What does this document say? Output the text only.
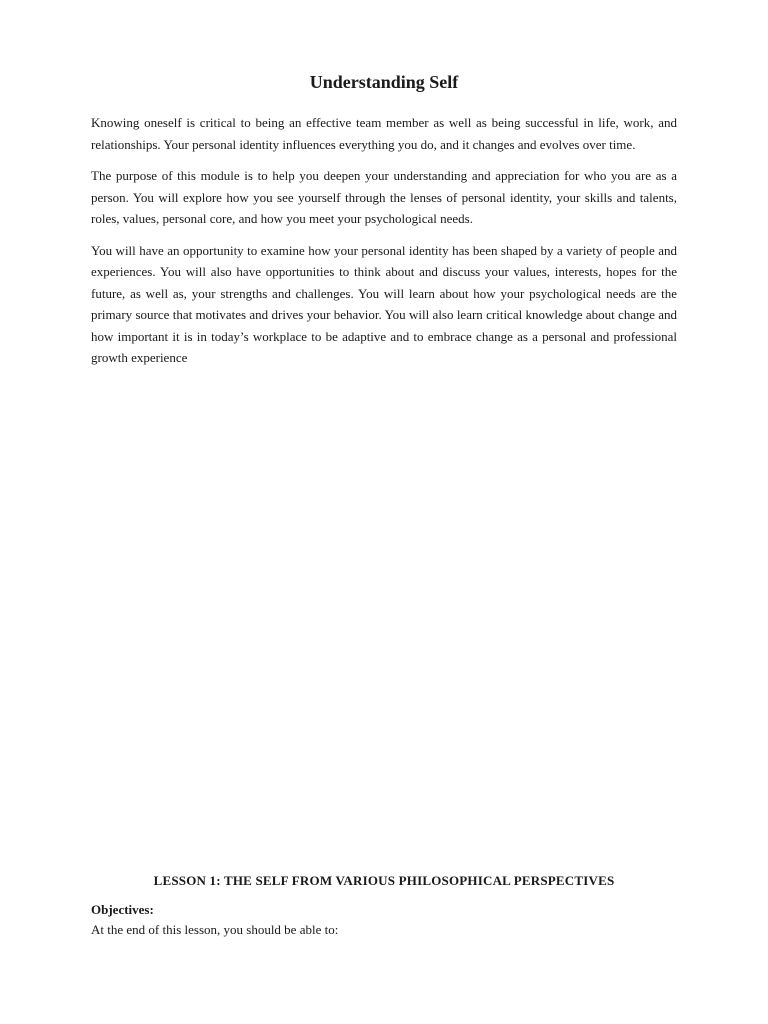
Understanding Self

Knowing oneself is critical to being an effective team member as well as being successful in life, work, and relationships. Your personal identity influences everything you do, and it changes and evolves over time.

The purpose of this module is to help you deepen your understanding and appreciation for who you are as a person. You will explore how you see yourself through the lenses of personal identity, your skills and talents, roles, values, personal core, and how you meet your psychological needs.

You will have an opportunity to examine how your personal identity has been shaped by a variety of people and experiences. You will also have opportunities to think about and discuss your values, interests, hopes for the future, as well as, your strengths and challenges. You will learn about how your psychological needs are the primary source that motivates and drives your behavior. You will also learn critical knowledge about change and how important it is in today’s workplace to be adaptive and to embrace change as a personal and professional growth experience

LESSON 1: THE SELF FROM VARIOUS PHILOSOPHICAL PERSPECTIVES
Objectives:
At the end of this lesson, you should be able to:
